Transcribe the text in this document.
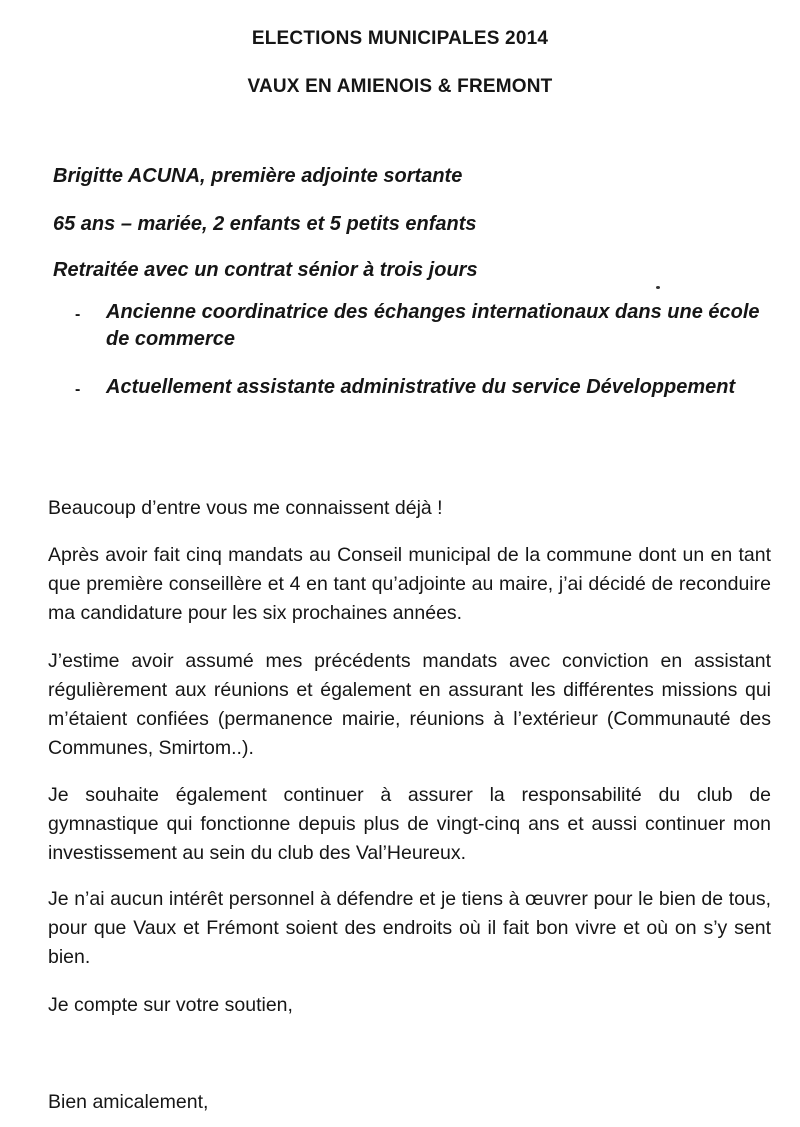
ELECTIONS MUNICIPALES 2014
VAUX EN AMIENOIS & FREMONT
Brigitte ACUNA, première adjointe sortante
65 ans – mariée, 2 enfants et 5 petits enfants
Retraitée avec un contrat sénior à trois jours
- Ancienne coordinatrice des échanges internationaux dans une école de commerce
- Actuellement assistante administrative du service Développement
Beaucoup d’entre vous me connaissent déjà !
Après avoir fait cinq mandats au Conseil municipal de la commune dont un en tant que première conseillère et 4 en tant qu’adjointe au maire, j’ai décidé de reconduire ma candidature pour les six prochaines années.
J’estime avoir assumé mes précédents mandats avec conviction en assistant régulièrement aux réunions et également en assurant les différentes missions qui m’étaient confiées (permanence mairie, réunions à l’extérieur (Communauté des Communes, Smirtom..).
Je souhaite également continuer à assurer la responsabilité du club de gymnastique qui fonctionne depuis plus de vingt-cinq ans et aussi continuer mon investissement au sein du club des Val’Heureux.
Je n’ai aucun intérêt personnel à défendre et je tiens à œuvrer pour le bien de tous, pour que Vaux et Frémont soient des endroits où il fait bon vivre et où on s’y sent bien.
Je compte sur votre soutien,
Bien amicalement,
